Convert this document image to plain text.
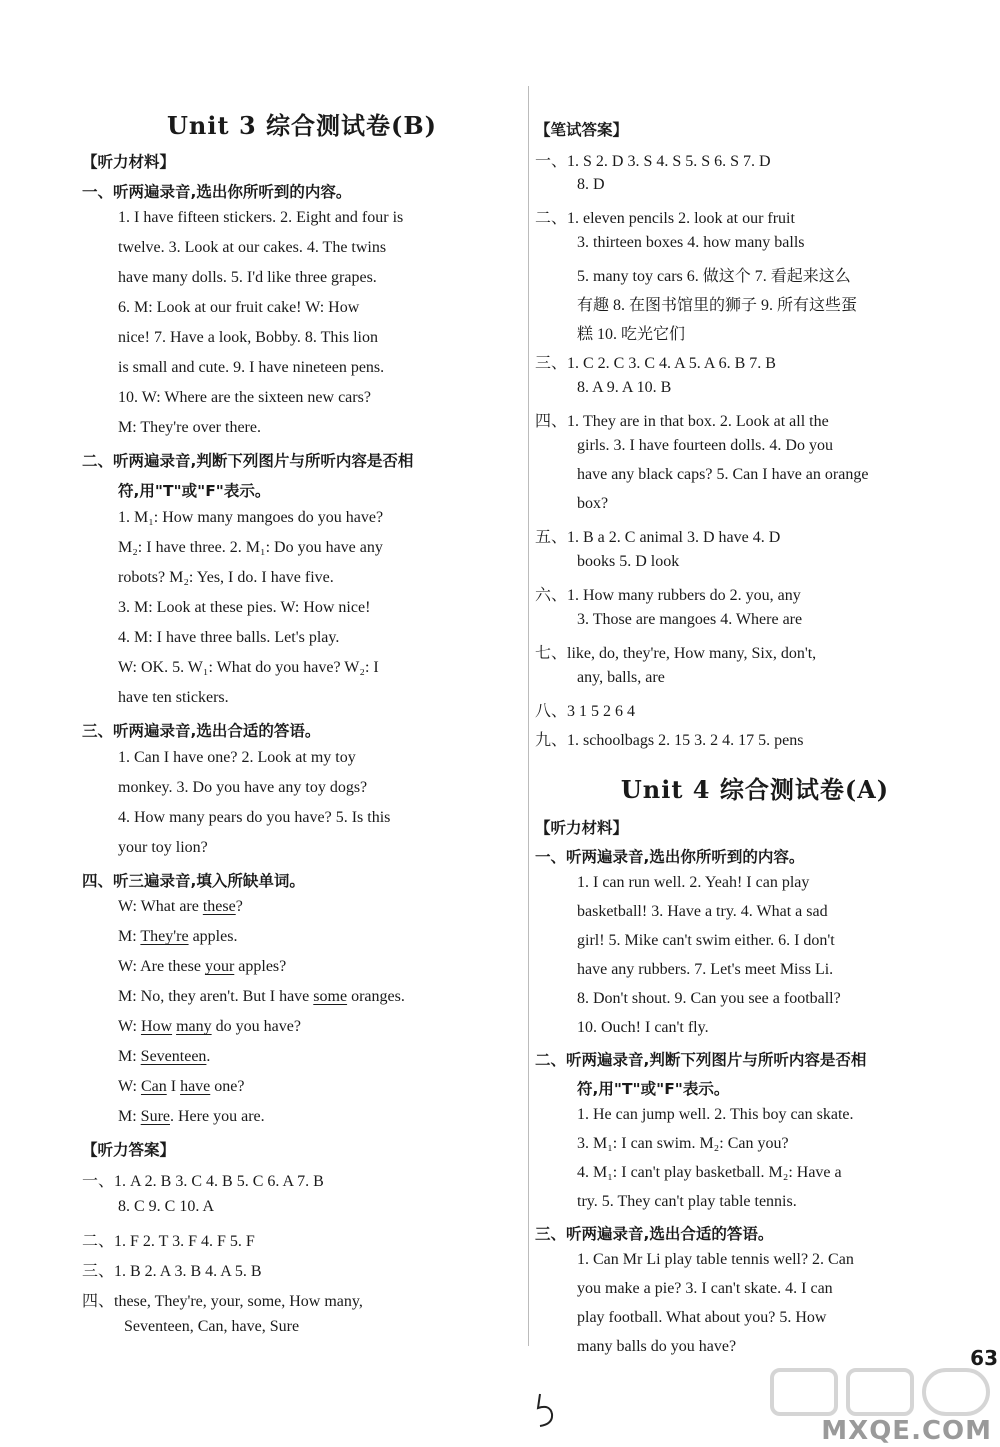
Unit 3 综合测试卷(B)
【听力材料】
一、听两遍录音,选出你所听到的内容。
1. I have fifteen stickers. 2. Eight and four is
twelve. 3. Look at our cakes. 4. The twins
have many dolls. 5. I'd like three grapes.
6. M: Look at our fruit cake! W: How
nice! 7. Have a look, Bobby. 8. This lion
is small and cute. 9. I have nineteen pens.
10. W: Where are the sixteen new cars?
M: They're over there.
二、听两遍录音,判断下列图片与所听内容是否相
符,用"T"或"F"表示。
1. M₁: How many mangoes do you have?
M₂: I have three. 2. M₁: Do you have any
robots? M₂: Yes, I do. I have five.
3. M: Look at these pies. W: How nice!
4. M: I have three balls. Let's play.
W: OK. 5. W₁: What do you have? W₂: I
have ten stickers.
三、听两遍录音,选出合适的答语。
1. Can I have one? 2. Look at my toy
monkey. 3. Do you have any toy dogs?
4. How many pears do you have? 5. Is this
your toy lion?
四、听三遍录音,填入所缺单词。
W: What are these?
M: They're apples.
W: Are these your apples?
M: No, they aren't. But I have some oranges.
W: How many do you have?
M: Seventeen.
W: Can I have one?
M: Sure. Here you are.
【听力答案】
一、1. A 2. B 3. C 4. B 5. C 6. A 7. B
8. C 9. C 10. A
二、1. F 2. T 3. F 4. F 5. F
三、1. B 2. A 3. B 4. A 5. B
四、these, They're, your, some, How many,
Seventeen, Can, have, Sure
【笔试答案】
一、1. S 2. D 3. S 4. S 5. S 6. S 7. D
8. D
二、1. eleven pencils 2. look at our fruit
3. thirteen boxes 4. how many balls
5. many toy cars 6. 做这个 7. 看起来这么
有趣 8. 在图书馆里的狮子 9. 所有这些蛋
糕 10. 吃光它们
三、1. C 2. C 3. C 4. A 5. A 6. B 7. B
8. A 9. A 10. B
四、1. They are in that box. 2. Look at all the
girls. 3. I have fourteen dolls. 4. Do you
have any black caps? 5. Can I have an orange
box?
五、1. B a 2. C animal 3. D have 4. D
books 5. D look
六、1. How many rubbers do 2. you, any
3. Those are mangoes 4. Where are
七、like, do, they're, How many, Six, don't,
any, balls, are
八、3 1 5 2 6 4
九、1. schoolbags 2. 15 3. 2 4. 17 5. pens
Unit 4 综合测试卷(A)
【听力材料】
一、听两遍录音,选出你所听到的内容。
1. I can run well. 2. Yeah! I can play
basketball! 3. Have a try. 4. What a sad
girl! 5. Mike can't swim either. 6. I don't
have any rubbers. 7. Let's meet Miss Li.
8. Don't shout. 9. Can you see a football?
10. Ouch! I can't fly.
二、听两遍录音,判断下列图片与所听内容是否相
符,用"T"或"F"表示。
1. He can jump well. 2. This boy can skate.
3. M₁: I can swim. M₂: Can you?
4. M₁: I can't play basketball. M₂: Have a
try. 5. They can't play table tennis.
三、听两遍录音,选出合适的答语。
1. Can Mr Li play table tennis well? 2. Can
you make a pie? 3. I can't skate. 4. I can
play football. What about you? 5. How
many balls do you have?	63
MXQE.COM
